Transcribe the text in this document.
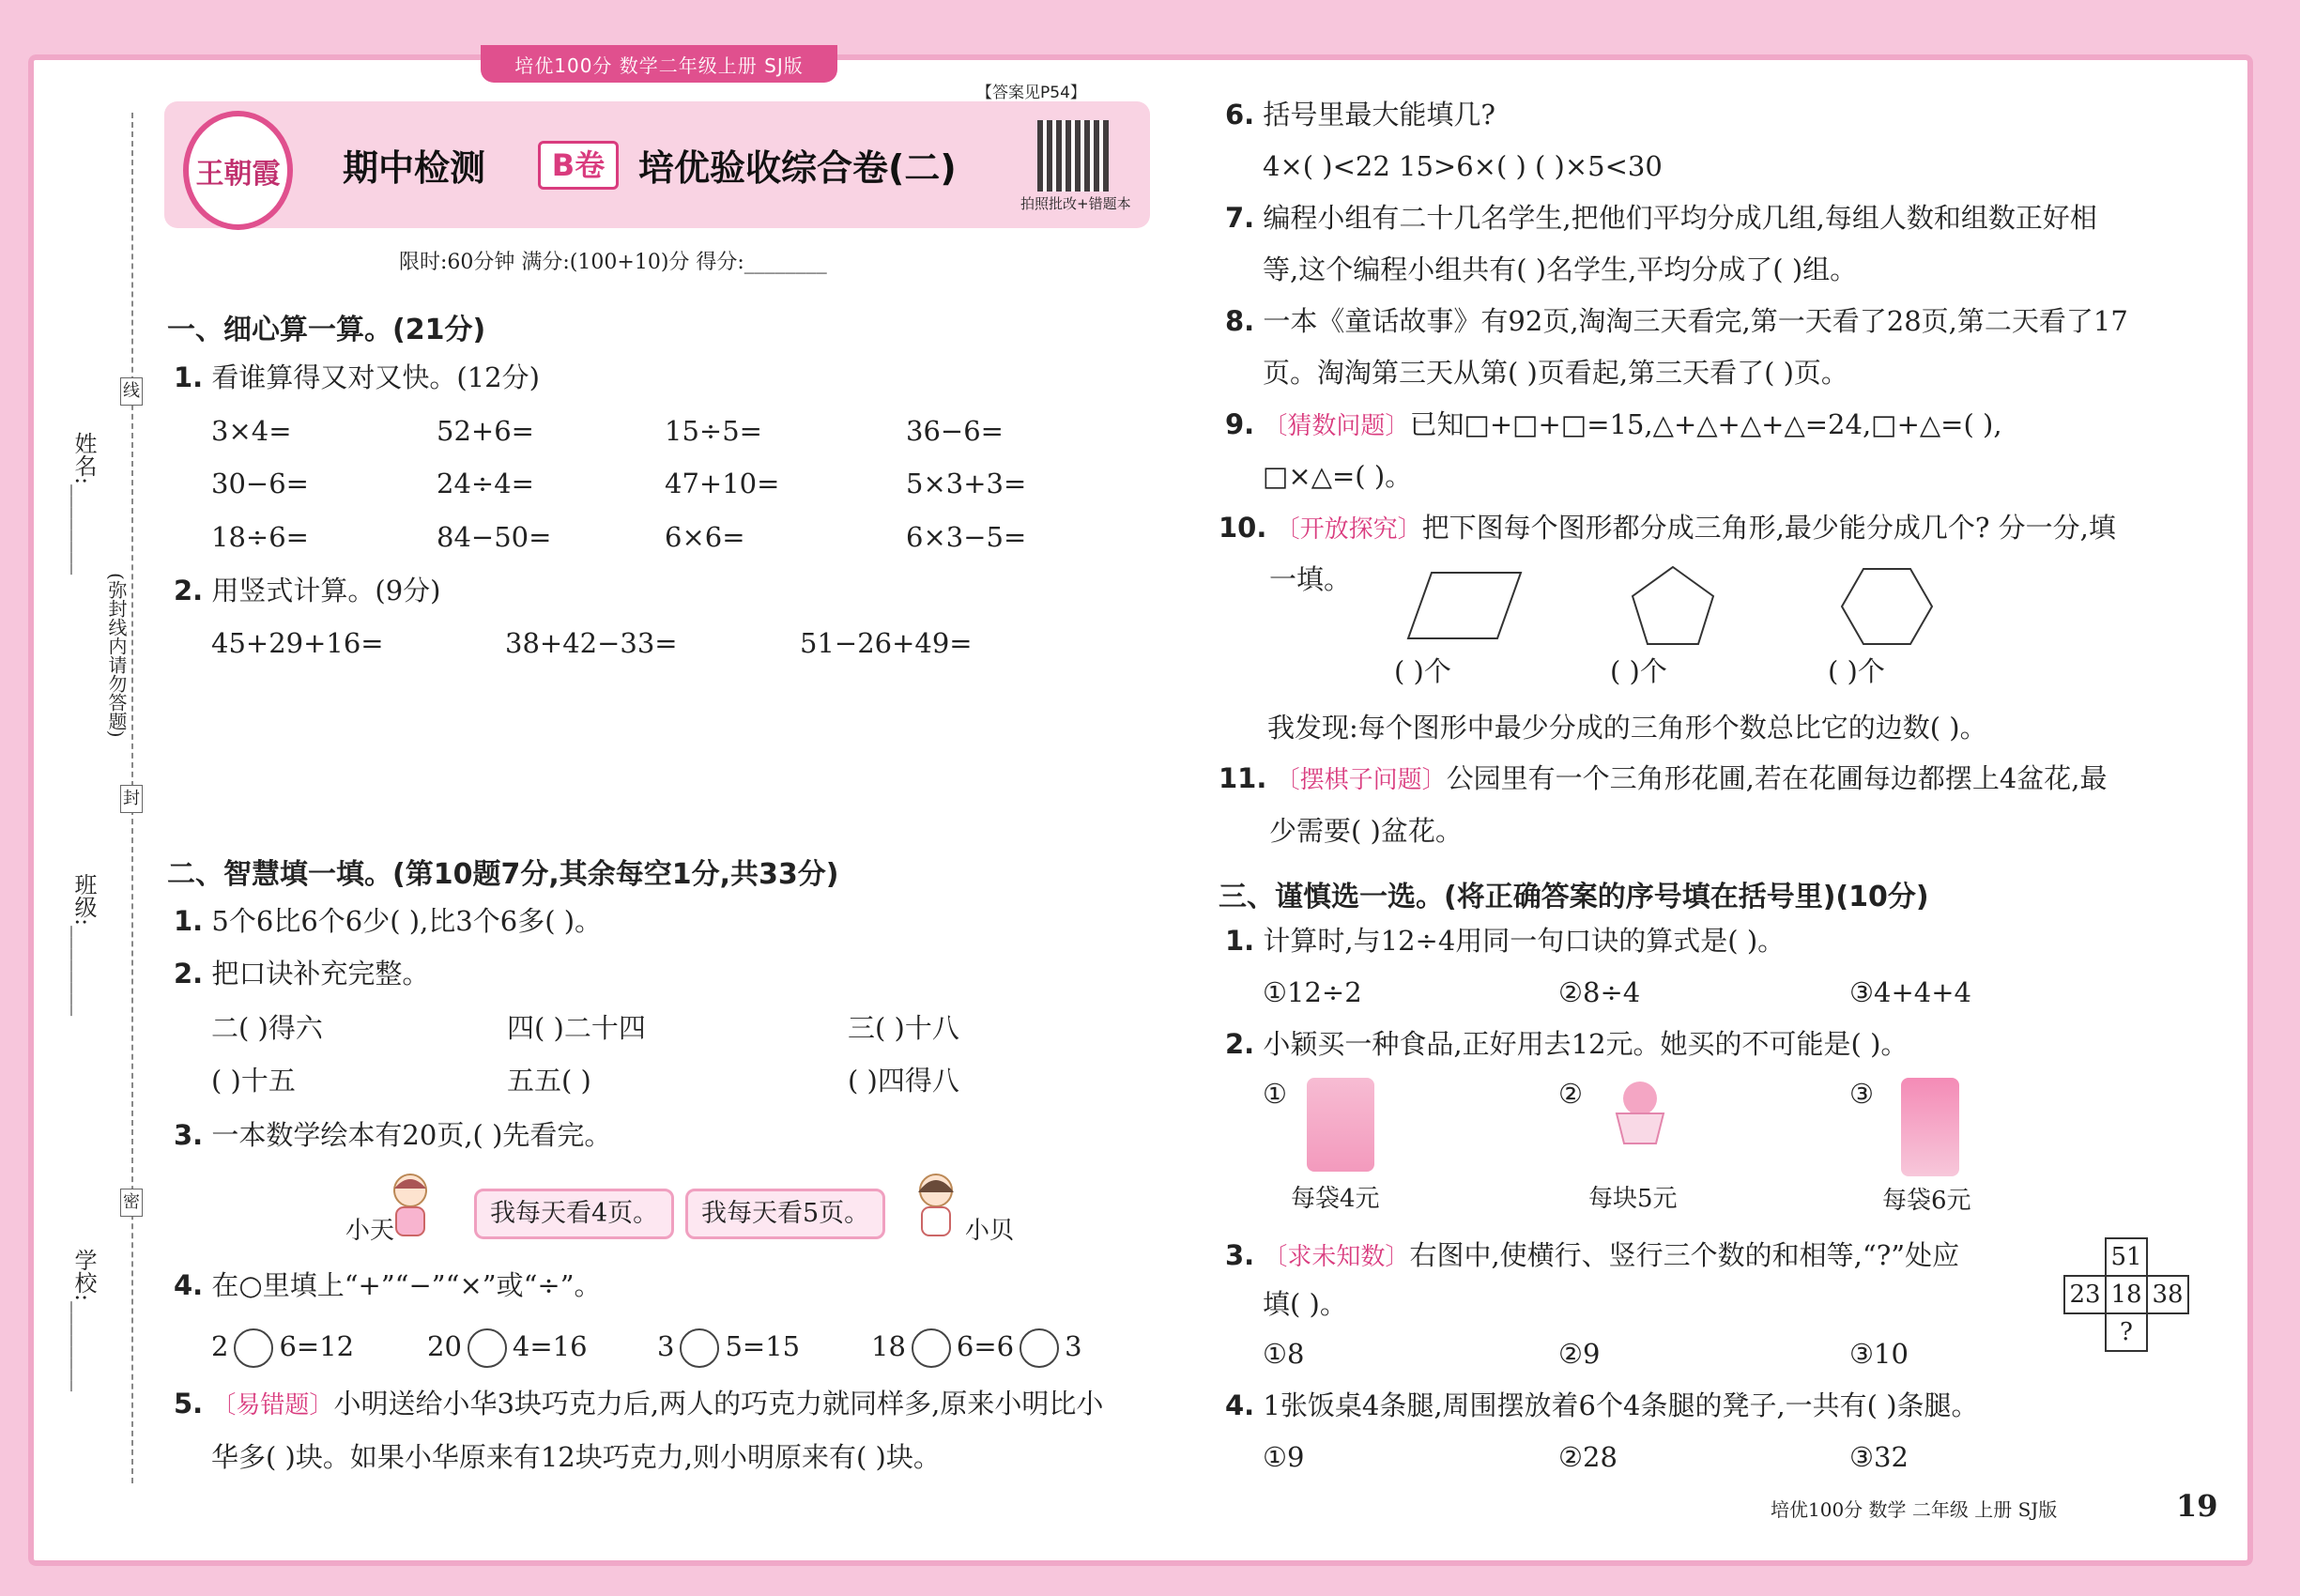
培优100分 数学二年级上册 SJ版
姓名:________
班级:________
学校:________
(弥封线内请勿答题)
线
封
密
王朝霞	期中检测	B卷 培优验收综合卷(二)
拍照批改+错题本
【答案见P54】
限时:60分钟 满分:(100+10)分 得分:________
一、细心算一算。(21分)
1. 看谁算得又对又快。(12分)
3×4=	52+6=	15÷5=	36−6=
30−6=	24÷4=	47+10=	5×3+3=
18÷6=	84−50=	6×6=	6×3−5=
2. 用竖式计算。(9分)
45+29+16=	38+42−33=	51−26+49=
二、智慧填一填。(第10题7分,其余每空1分,共33分)
1. 5个6比6个6少( ),比3个6多( )。
2. 把口诀补充完整。
二( )得六	四( )二十四	三( )十八
( )十五	五五( )	( )四得八
3. 一本数学绘本有20页,( )先看完。
小天
我每天看4页。	我每天看5页。
小贝
4. 在○里填上“+”“−”“×”或“÷”。
2 6=12	20 4=16	3 5=15	18 6=6 3
5. 〔易错题〕小明送给小华3块巧克力后,两人的巧克力就同样多,原来小明比小
华多( )块。如果小华原来有12块巧克力,则小明原来有( )块。
6. 括号里最大能填几?
4×( )<22 15>6×( ) ( )×5<30
7. 编程小组有二十几名学生,把他们平均分成几组,每组人数和组数正好相
等,这个编程小组共有( )名学生,平均分成了( )组。
8. 一本《童话故事》有92页,淘淘三天看完,第一天看了28页,第二天看了17
页。淘淘第三天从第( )页看起,第三天看了( )页。
9. 〔猜数问题〕已知□+□+□=15,△+△+△+△=24,□+△=( ),
□×△=( )。
10. 〔开放探究〕把下图每个图形都分成三角形,最少能分成几个? 分一分,填
一填。
( )个	( )个	( )个
我发现:每个图形中最少分成的三角形个数总比它的边数( )。
11. 〔摆棋子问题〕公园里有一个三角形花圃,若在花圃每边都摆上4盆花,最
少需要( )盆花。
三、谨慎选一选。(将正确答案的序号填在括号里)(10分)
1. 计算时,与12÷4用同一句口诀的算式是( )。
①12÷2	②8÷4	③4+4+4
2. 小颖买一种食品,正好用去12元。她买的不可能是( )。
①
每袋4元
②
每块5元
③
每袋6元
3. 〔求未知数〕右图中,使横行、竖行三个数的和相等,“?”处应
填( )。
①8	②9	③10
	51	
23	18	38
	?	
4. 1张饭桌4条腿,周围摆放着6个4条腿的凳子,一共有( )条腿。
①9	②28	③32
培优100分 数学 二年级 上册 SJ版	19
